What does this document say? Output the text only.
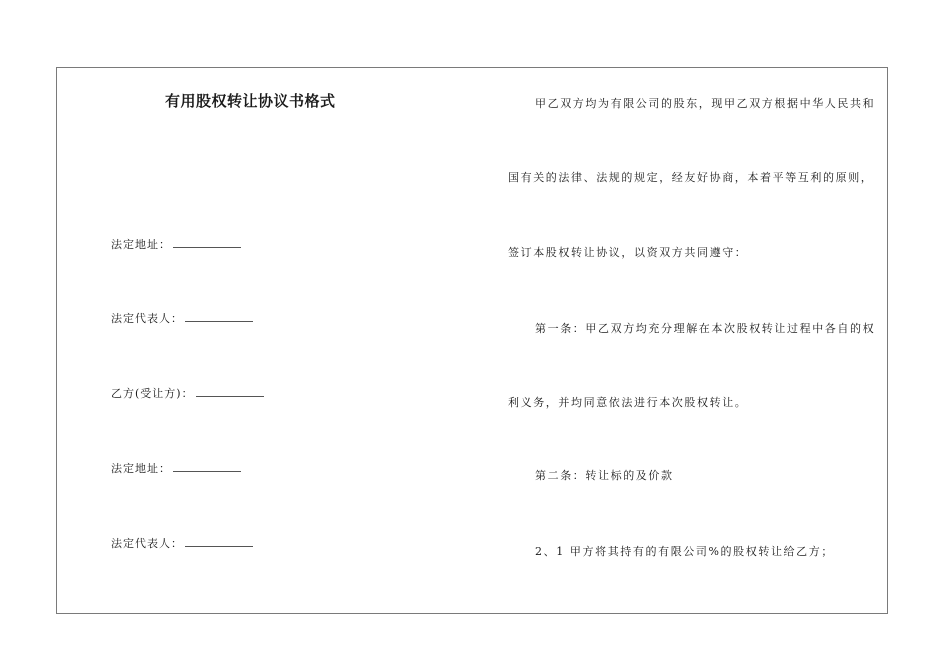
有用股权转让协议书格式
法定地址：
法定代表人：
乙方(受让方)：
法定地址：
法定代表人：
甲乙双方均为有限公司的股东，现甲乙双方根据中华人民共和
国有关的法律、法规的规定，经友好协商，本着平等互利的原则，
签订本股权转让协议，以资双方共同遵守：
第一条：甲乙双方均充分理解在本次股权转让过程中各自的权
利义务，并均同意依法进行本次股权转让。
第二条：转让标的及价款
2、1 甲方将其持有的有限公司%的股权转让给乙方；
